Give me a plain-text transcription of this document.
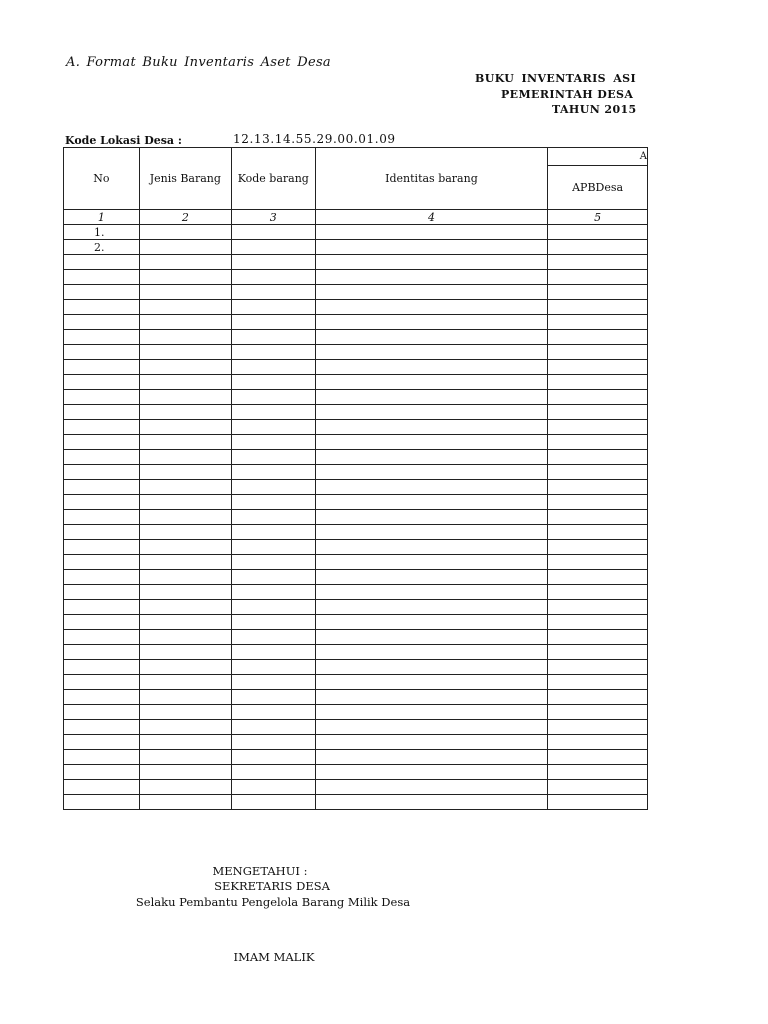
A. Format Buku Inventaris Aset Desa
BUKU INVENTARIS ASI
PEMERINTAH DESA
TAHUN 2015
Kode Lokasi Desa :	12.13.14.55.29.00.01.09
No	Jenis Barang	Kode barang	Identitas barang	A
				APBDesa
1	2	3	4	5
1.				
2.				

MENGETAHUI :
SEKRETARIS DESA
Selaku Pembantu Pengelola Barang Milik Desa
IMAM MALIK
